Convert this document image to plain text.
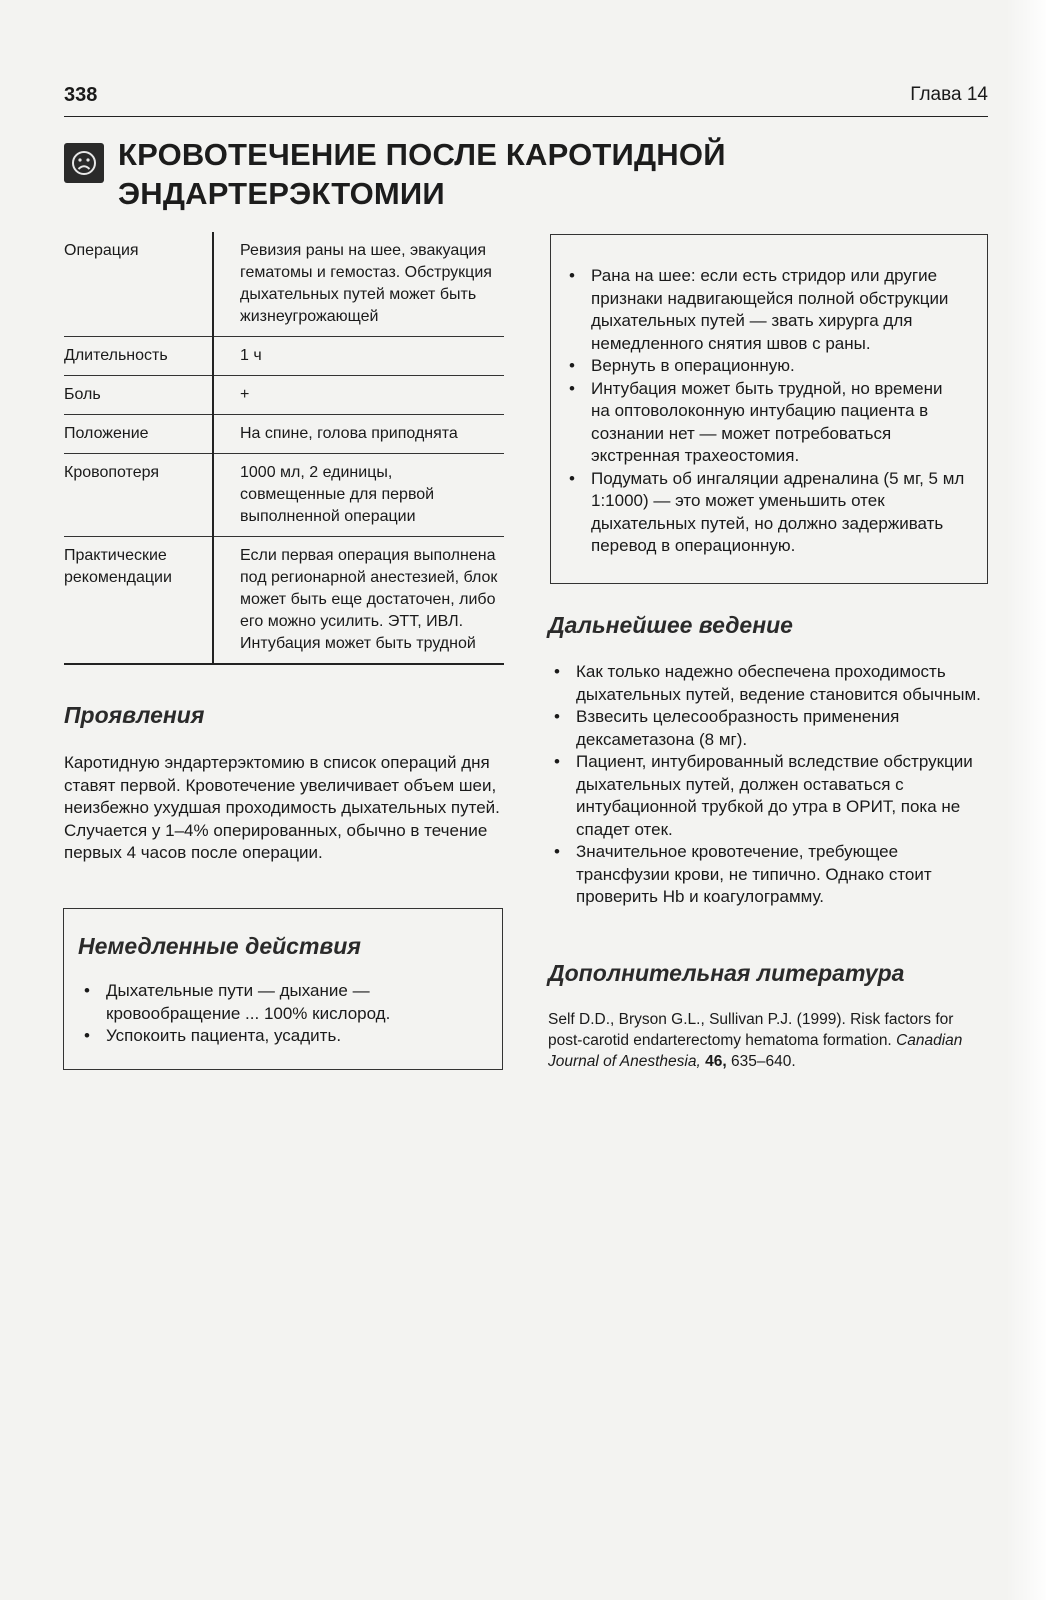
338	Глава 14
КРОВОТЕЧЕНИЕ ПОСЛЕ КАРОТИДНОЙ
ЭНДАРТЕРЭКТОМИИ
Операция	Ревизия раны на шее, эвакуация гематомы и гемостаз. Обструкция дыхательных путей может быть жизнеугрожающей
Длительность	1 ч
Боль	+
Положение	На спине, голова приподнята
Кровопотеря	1000 мл, 2 единицы, совмещенные для первой выполненной операции
Практические рекомендации	Если первая операция выполнена под регионарной анестезией, блок может быть еще достаточен, либо его можно усилить. ЭТТ, ИВЛ. Интубация может быть трудной
Проявления
Каротидную эндартерэктомию в список операций дня ставят первой. Кровотечение увеличивает объем шеи, неизбежно ухудшая проходимость дыхательных путей. Случается у 1–4% оперированных, обычно в течение первых 4 часов после операции.
Немедленные действия
• Дыхательные пути — дыхание — кровообращение ... 100% кислород.
• Успокоить пациента, усадить.
• Рана на шее: если есть стридор или другие признаки надвигающейся полной обструкции дыхательных путей — звать хирурга для немедленного снятия швов с раны.
• Вернуть в операционную.
• Интубация может быть трудной, но времени на оптоволоконную интубацию пациента в сознании нет — может потребоваться экстренная трахеостомия.
• Подумать об ингаляции адреналина (5 мг, 5 мл 1:1000) — это может уменьшить отек дыхательных путей, но должно задерживать перевод в операционную.
Дальнейшее ведение
• Как только надежно обеспечена проходимость дыхательных путей, ведение становится обычным.
• Взвесить целесообразность применения дексаметазона (8 мг).
• Пациент, интубированный вследствие обструкции дыхательных путей, должен оставаться с интубационной трубкой до утра в ОРИТ, пока не спадет отек.
• Значительное кровотечение, требующее трансфузии крови, не типично. Однако стоит проверить Hb и коагулограмму.
Дополнительная литература
Self D.D., Bryson G.L., Sullivan P.J. (1999). Risk factors for post-carotid endarterectomy hematoma formation. Canadian Journal of Anesthesia, 46, 635–640.
